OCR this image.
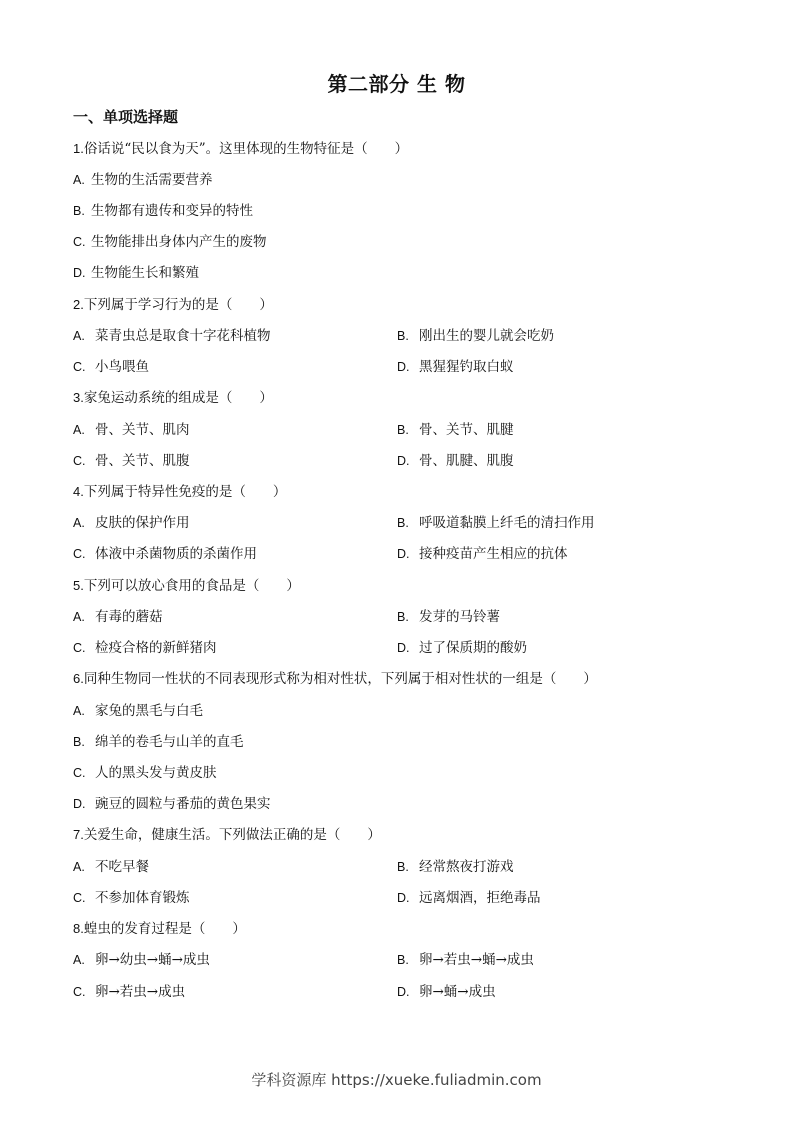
第二部分 生 物
一、单项选择题
1.俗话说“民以食为天”。这里体现的生物特征是（　　）
A. 生物的生活需要营养
B. 生物都有遗传和变异的特性
C. 生物能排出身体内产生的废物
D. 生物能生长和繁殖
2.下列属于学习行为的是（　　）
A. 菜青虫总是取食十字花科植物	B. 刚出生的婴儿就会吃奶
C. 小鸟喂鱼	D. 黑猩猩钓取白蚁
3.家兔运动系统的组成是（　　）
A. 骨、关节、肌肉	B. 骨、关节、肌腱
C. 骨、关节、肌腹	D. 骨、肌腱、肌腹
4.下列属于特异性免疫的是（　　）
A. 皮肤的保护作用	B. 呼吸道黏膜上纤毛的清扫作用
C. 体液中杀菌物质的杀菌作用	D. 接种疫苗产生相应的抗体
5.下列可以放心食用的食品是（　　）
A. 有毒的蘑菇	B. 发芽的马铃薯
C. 检疫合格的新鲜猪肉	D. 过了保质期的酸奶
6.同种生物同一性状的不同表现形式称为相对性状，下列属于相对性状的一组是（　　）
A. 家兔的黑毛与白毛
B. 绵羊的卷毛与山羊的直毛
C. 人的黑头发与黄皮肤
D. 豌豆的圆粒与番茄的黄色果实
7.关爱生命，健康生活。下列做法正确的是（　　）
A. 不吃早餐	B. 经常熬夜打游戏
C. 不参加体育锻炼	D. 远离烟酒，拒绝毒品
8.蝗虫的发育过程是（　　）
A. 卵→幼虫→蛹→成虫	B. 卵→若虫→蛹→成虫
C. 卵→若虫→成虫	D. 卵→蛹→成虫
学科资源库 https://xueke.fuliadmin.com
